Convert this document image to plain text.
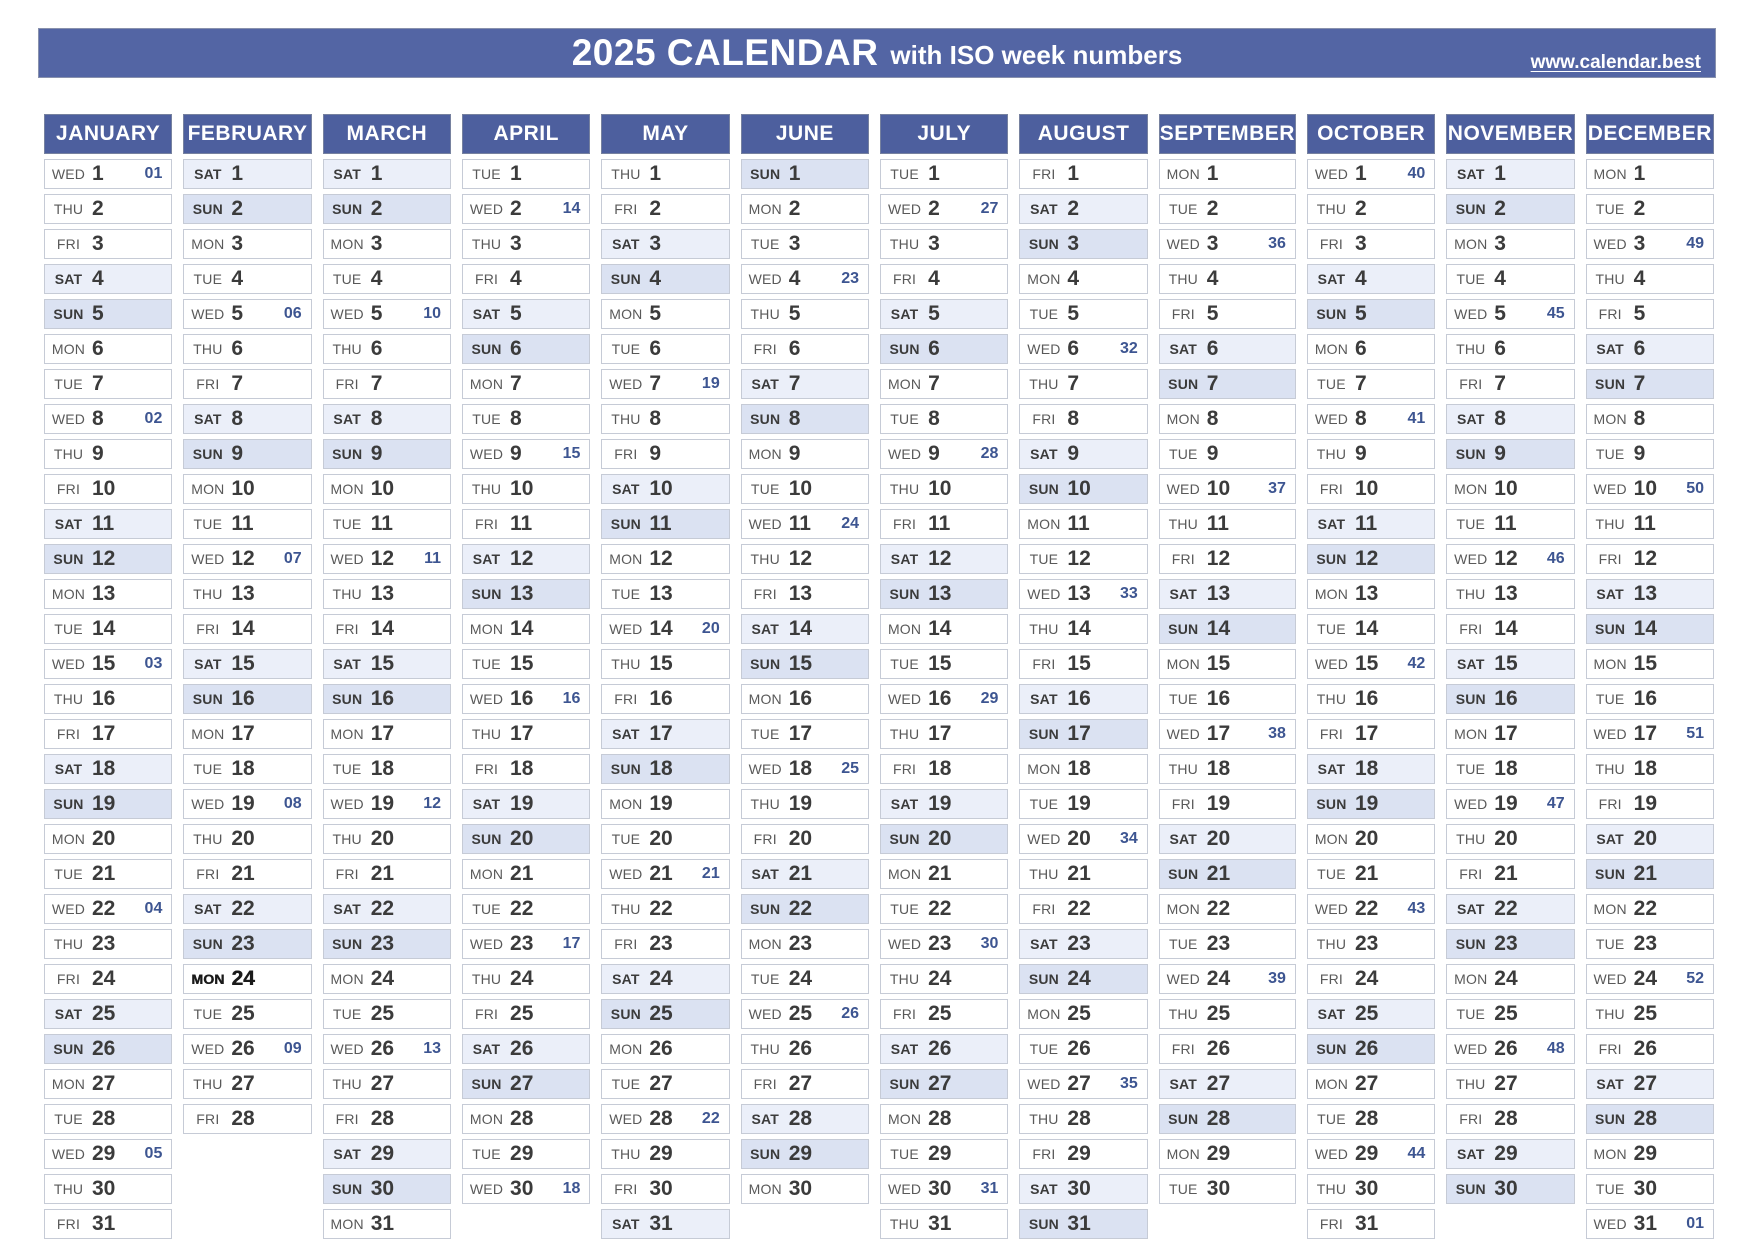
2025 CALENDAR with ISO week numbers	www.calendar.best
JANUARY
WED 1	01
THU 2
FRI 3
SAT 4
SUN 5
MON 6
TUE 7
WED 8	02
THU 9
FRI 10
SAT 11
SUN 12
MON 13
TUE 14
WED 15 03
THU 16
FRI 17
SAT 18
SUN 19
MON 20
TUE 21
WED 22 04
THU 23
FRI 24
SAT 25
SUN 26
MON 27
TUE 28
WED 29 05
THU 30
FRI 31
FEBRUARY
SAT 1
SUN 2
MON 3
TUE 4
WED 5	06
THU 6
FRI 7
SAT 8
SUN 9
MON 10
TUE 11
WED 12 07
THU 13
FRI 14
SAT 15
SUN 16
MON 17
TUE 18
WED 19 08
THU 20
FRI 21
SAT 22
SUN 23
MON 24
TUE 25
WED 26 09
THU 27
FRI 28
MARCH
SAT 1
SUN 2
MON 3
TUE 4
WED 5	10
THU 6
FRI 7
SAT 8
SUN 9
MON 10
TUE 11
WED 12 11
THU 13
FRI 14
SAT 15
SUN 16
MON 17
TUE 18
WED 19 12
THU 20
FRI 21
SAT 22
SUN 23
MON 24
TUE 25
WED 26 13
THU 27
FRI 28
SAT 29
SUN 30
MON 31
APRIL
TUE 1
WED 2	14
THU 3
FRI 4
SAT 5
SUN 6
MON 7
TUE 8
WED 9	15
THU 10
FRI 11
SAT 12
SUN 13
MON 14
TUE 15
WED 16 16
THU 17
FRI 18
SAT 19
SUN 20
MON 21
TUE 22
WED 23 17
THU 24
FRI 25
SAT 26
SUN 27
MON 28
TUE 29
WED 30 18
MAY
THU 1
FRI 2
SAT 3
SUN 4
MON 5
TUE 6
WED 7	19
THU 8
FRI 9
SAT 10
SUN 11
MON 12
TUE 13
WED 14 20
THU 15
FRI 16
SAT 17
SUN 18
MON 19
TUE 20
WED 21 21
THU 22
FRI 23
SAT 24
SUN 25
MON 26
TUE 27
WED 28 22
THU 29
FRI 30
SAT 31
JUNE
SUN 1
MON 2
TUE 3
WED 4	23
THU 5
FRI 6
SAT 7
SUN 8
MON 9
TUE 10
WED 11 24
THU 12
FRI 13
SAT 14
SUN 15
MON 16
TUE 17
WED 18 25
THU 19
FRI 20
SAT 21
SUN 22
MON 23
TUE 24
WED 25 26
THU 26
FRI 27
SAT 28
SUN 29
MON 30
JULY
TUE 1
WED 2	27
THU 3
FRI 4
SAT 5
SUN 6
MON 7
TUE 8
WED 9	28
THU 10
FRI 11
SAT 12
SUN 13
MON 14
TUE 15
WED 16 29
THU 17
FRI 18
SAT 19
SUN 20
MON 21
TUE 22
WED 23 30
THU 24
FRI 25
SAT 26
SUN 27
MON 28
TUE 29
WED 30 31
THU 31
AUGUST
FRI 1
SAT 2
SUN 3
MON 4
TUE 5
WED 6	32
THU 7
FRI 8
SAT 9
SUN 10
MON 11
TUE 12
WED 13 33
THU 14
FRI 15
SAT 16
SUN 17
MON 18
TUE 19
WED 20 34
THU 21
FRI 22
SAT 23
SUN 24
MON 25
TUE 26
WED 27 35
THU 28
FRI 29
SAT 30
SUN 31
SEPTEMBER
MON 1
TUE 2
WED 3	36
THU 4
FRI 5
SAT 6
SUN 7
MON 8
TUE 9
WED 10 37
THU 11
FRI 12
SAT 13
SUN 14
MON 15
TUE 16
WED 17 38
THU 18
FRI 19
SAT 20
SUN 21
MON 22
TUE 23
WED 24 39
THU 25
FRI 26
SAT 27
SUN 28
MON 29
TUE 30
OCTOBER
WED 1	40
THU 2
FRI 3
SAT 4
SUN 5
MON 6
TUE 7
WED 8	41
THU 9
FRI 10
SAT 11
SUN 12
MON 13
TUE 14
WED 15 42
THU 16
FRI 17
SAT 18
SUN 19
MON 20
TUE 21
WED 22 43
THU 23
FRI 24
SAT 25
SUN 26
MON 27
TUE 28
WED 29 44
THU 30
FRI 31
NOVEMBER
SAT 1
SUN 2
MON 3
TUE 4
WED 5	45
THU 6
FRI 7
SAT 8
SUN 9
MON 10
TUE 11
WED 12 46
THU 13
FRI 14
SAT 15
SUN 16
MON 17
TUE 18
WED 19 47
THU 20
FRI 21
SAT 22
SUN 23
MON 24
TUE 25
WED 26 48
THU 27
FRI 28
SAT 29
SUN 30
DECEMBER
MON 1
TUE 2
WED 3	49
THU 4
FRI 5
SAT 6
SUN 7
MON 8
TUE 9
WED 10 50
THU 11
FRI 12
SAT 13
SUN 14
MON 15
TUE 16
WED 17 51
THU 18
FRI 19
SAT 20
SUN 21
MON 22
TUE 23
WED 24 52
THU 25
FRI 26
SAT 27
SUN 28
MON 29
TUE 30
WED 31 01
